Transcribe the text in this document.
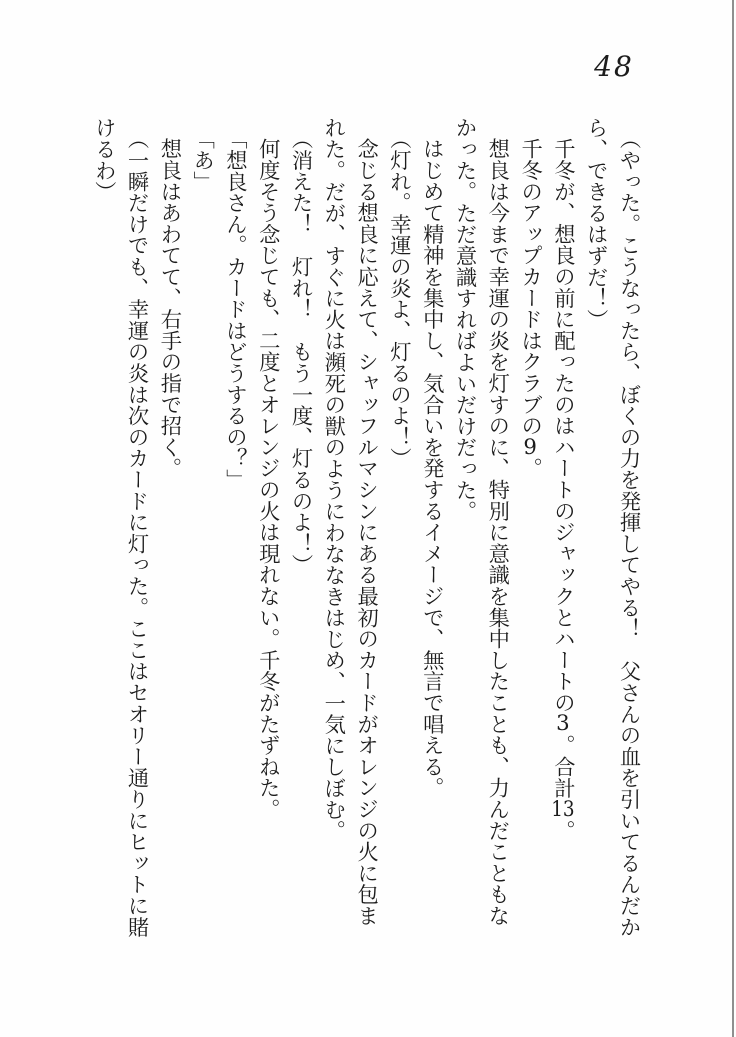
48
（やった。こうなったら、ぼくの力を発揮してやる！　父さんの血を引いてるんだか
ら、できるはずだ！）
千冬が、想良の前に配ったのはハートのジャックとハートの3。合計13。
千冬のアップカードはクラブの9。
想良は今まで幸運の炎を灯すのに、特別に意識を集中したことも、力んだこともな
かった。ただ意識すればよいだけだった。
はじめて精神を集中し、気合いを発するイメージで、無言で唱える。
（灯れ。幸運の炎よ、灯るのよ！）
念じる想良に応えて、シャッフルマシンにある最初のカードがオレンジの火に包ま
れた。だが、すぐに火は瀕死の獣のようにわななきはじめ、一気にしぼむ。
（消えた！　灯れ！　もう一度、灯るのよ！）
何度そう念じても、二度とオレンジの火は現れない。千冬がたずねた。
「想良さん。カードはどうするの？」
「あ」
想良はあわてて、右手の指で招く。
（一瞬だけでも、幸運の炎は次のカードに灯った。ここはセオリー通りにヒットに賭
けるわ）
